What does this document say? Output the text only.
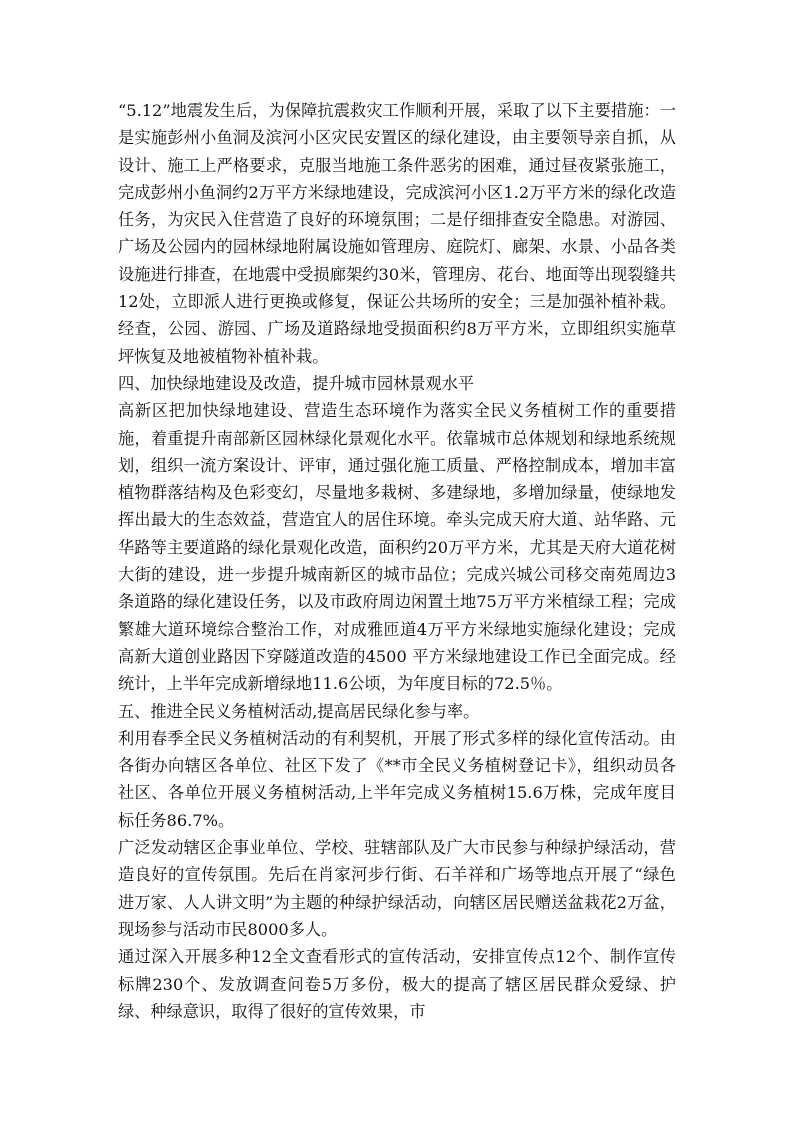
“5.12”地震发生后，为保障抗震救灾工作顺利开展，采取了以下主要措施：一是实施彭州小鱼洞及滨河小区灾民安置区的绿化建设，由主要领导亲自抓，从设计、施工上严格要求，克服当地施工条件恶劣的困难，通过昼夜紧张施工，完成彭州小鱼洞约2万平方米绿地建设，完成滨河小区1.2万平方米的绿化改造任务，为灾民入住营造了良好的环境氛围；二是仔细排查安全隐患。对游园、广场及公园内的园林绿地附属设施如管理房、庭院灯、廊架、水景、小品各类设施进行排查，在地震中受损廊架约30米，管理房、花台、地面等出现裂缝共12处，立即派人进行更换或修复，保证公共场所的安全；三是加强补植补栽。经查，公园、游园、广场及道路绿地受损面积约8万平方米，立即组织实施草坪恢复及地被植物补植补栽。

四、加快绿地建设及改造，提升城市园林景观水平

高新区把加快绿地建设、营造生态环境作为落实全民义务植树工作的重要措施，着重提升南部新区园林绿化景观化水平。依靠城市总体规划和绿地系统规划，组织一流方案设计、评审，通过强化施工质量、严格控制成本，增加丰富植物群落结构及色彩变幻，尽量地多栽树、多建绿地，多增加绿量，使绿地发挥出最大的生态效益，营造宜人的居住环境。牵头完成天府大道、站华路、元华路等主要道路的绿化景观化改造，面积约20万平方米，尤其是天府大道花树大街的建设，进一步提升城南新区的城市品位；完成兴城公司移交南苑周边3条道路的绿化建设任务，以及市政府周边闲置土地75万平方米植绿工程；完成繁雄大道环境综合整治工作，对成雅匝道4万平方米绿地实施绿化建设；完成高新大道创业路因下穿隧道改造的4500 平方米绿地建设工作已全面完成。经统计，上半年完成新增绿地11.6公顷，为年度目标的72.5％。

五、推进全民义务植树活动,提高居民绿化参与率。

利用春季全民义务植树活动的有利契机，开展了形式多样的绿化宣传活动。由各街办向辖区各单位、社区下发了《**市全民义务植树登记卡》，组织动员各社区、各单位开展义务植树活动,上半年完成义务植树15.6万株，完成年度目标任务86.7%。

广泛发动辖区企事业单位、学校、驻辖部队及广大市民参与种绿护绿活动，营造良好的宣传氛围。先后在肖家河步行街、石羊祥和广场等地点开展了“绿色进万家、人人讲文明”为主题的种绿护绿活动，向辖区居民赠送盆栽花2万盆，现场参与活动市民8000多人。

通过深入开展多种12全文查看形式的宣传活动，安排宣传点12个、制作宣传标牌230个、发放调查问卷5万多份，极大的提高了辖区居民群众爱绿、护绿、种绿意识，取得了很好的宣传效果，市
